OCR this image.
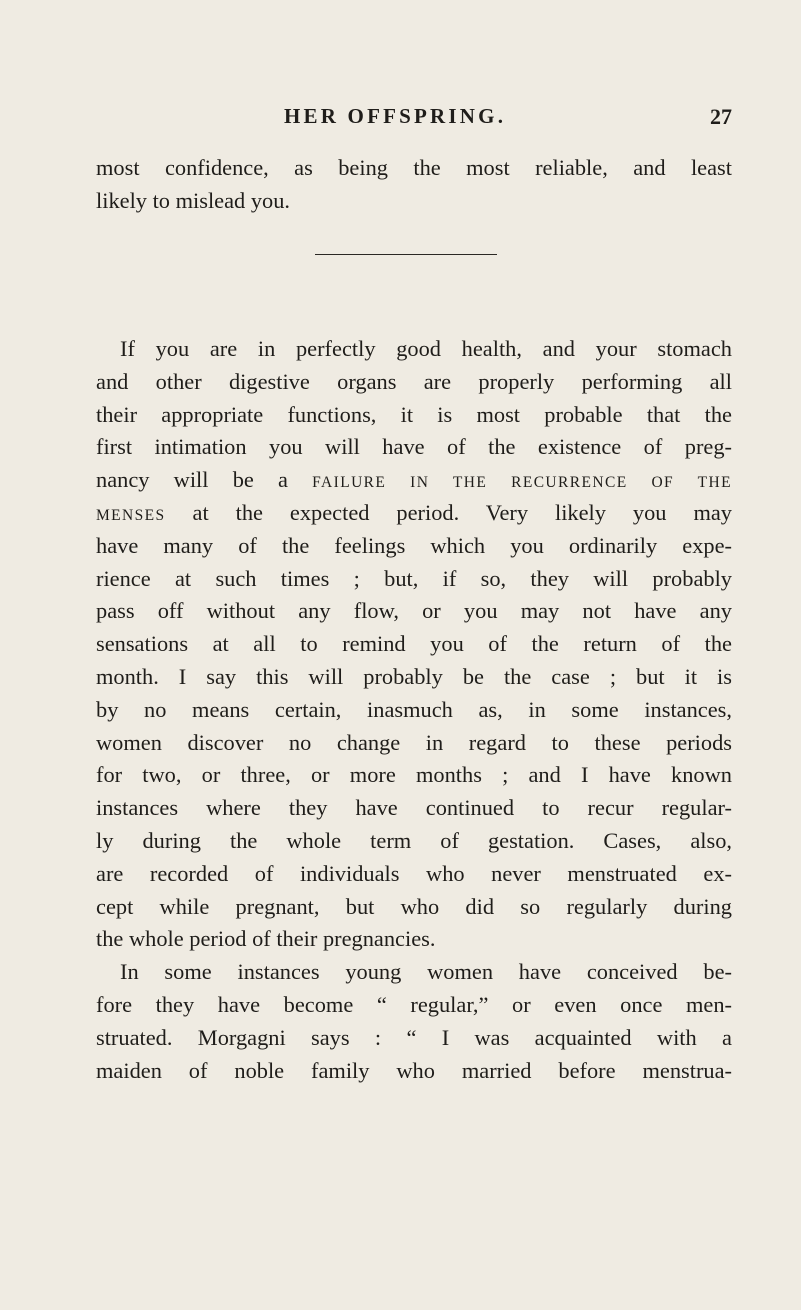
HER OFFSPRING.	27
most confidence, as being the most reliable, and least
likely to mislead you.
If you are in perfectly good health, and your stomach
and other digestive organs are properly performing all
their appropriate functions, it is most probable that the
first intimation you will have of the existence of preg-
nancy will be a FAILURE IN THE RECURRENCE OF THE
MENSES at the expected period. Very likely you may
have many of the feelings which you ordinarily expe-
rience at such times ; but, if so, they will probably
pass off without any flow, or you may not have any
sensations at all to remind you of the return of the
month. I say this will probably be the case ; but it is
by no means certain, inasmuch as, in some instances,
women discover no change in regard to these periods
for two, or three, or more months ; and I have known
instances where they have continued to recur regular-
ly during the whole term of gestation. Cases, also,
are recorded of individuals who never menstruated ex-
cept while pregnant, but who did so regularly during
the whole period of their pregnancies.
In some instances young women have conceived be-
fore they have become “ regular,” or even once men-
struated. Morgagni says : “ I was acquainted with a
maiden of noble family who married before menstrua-
